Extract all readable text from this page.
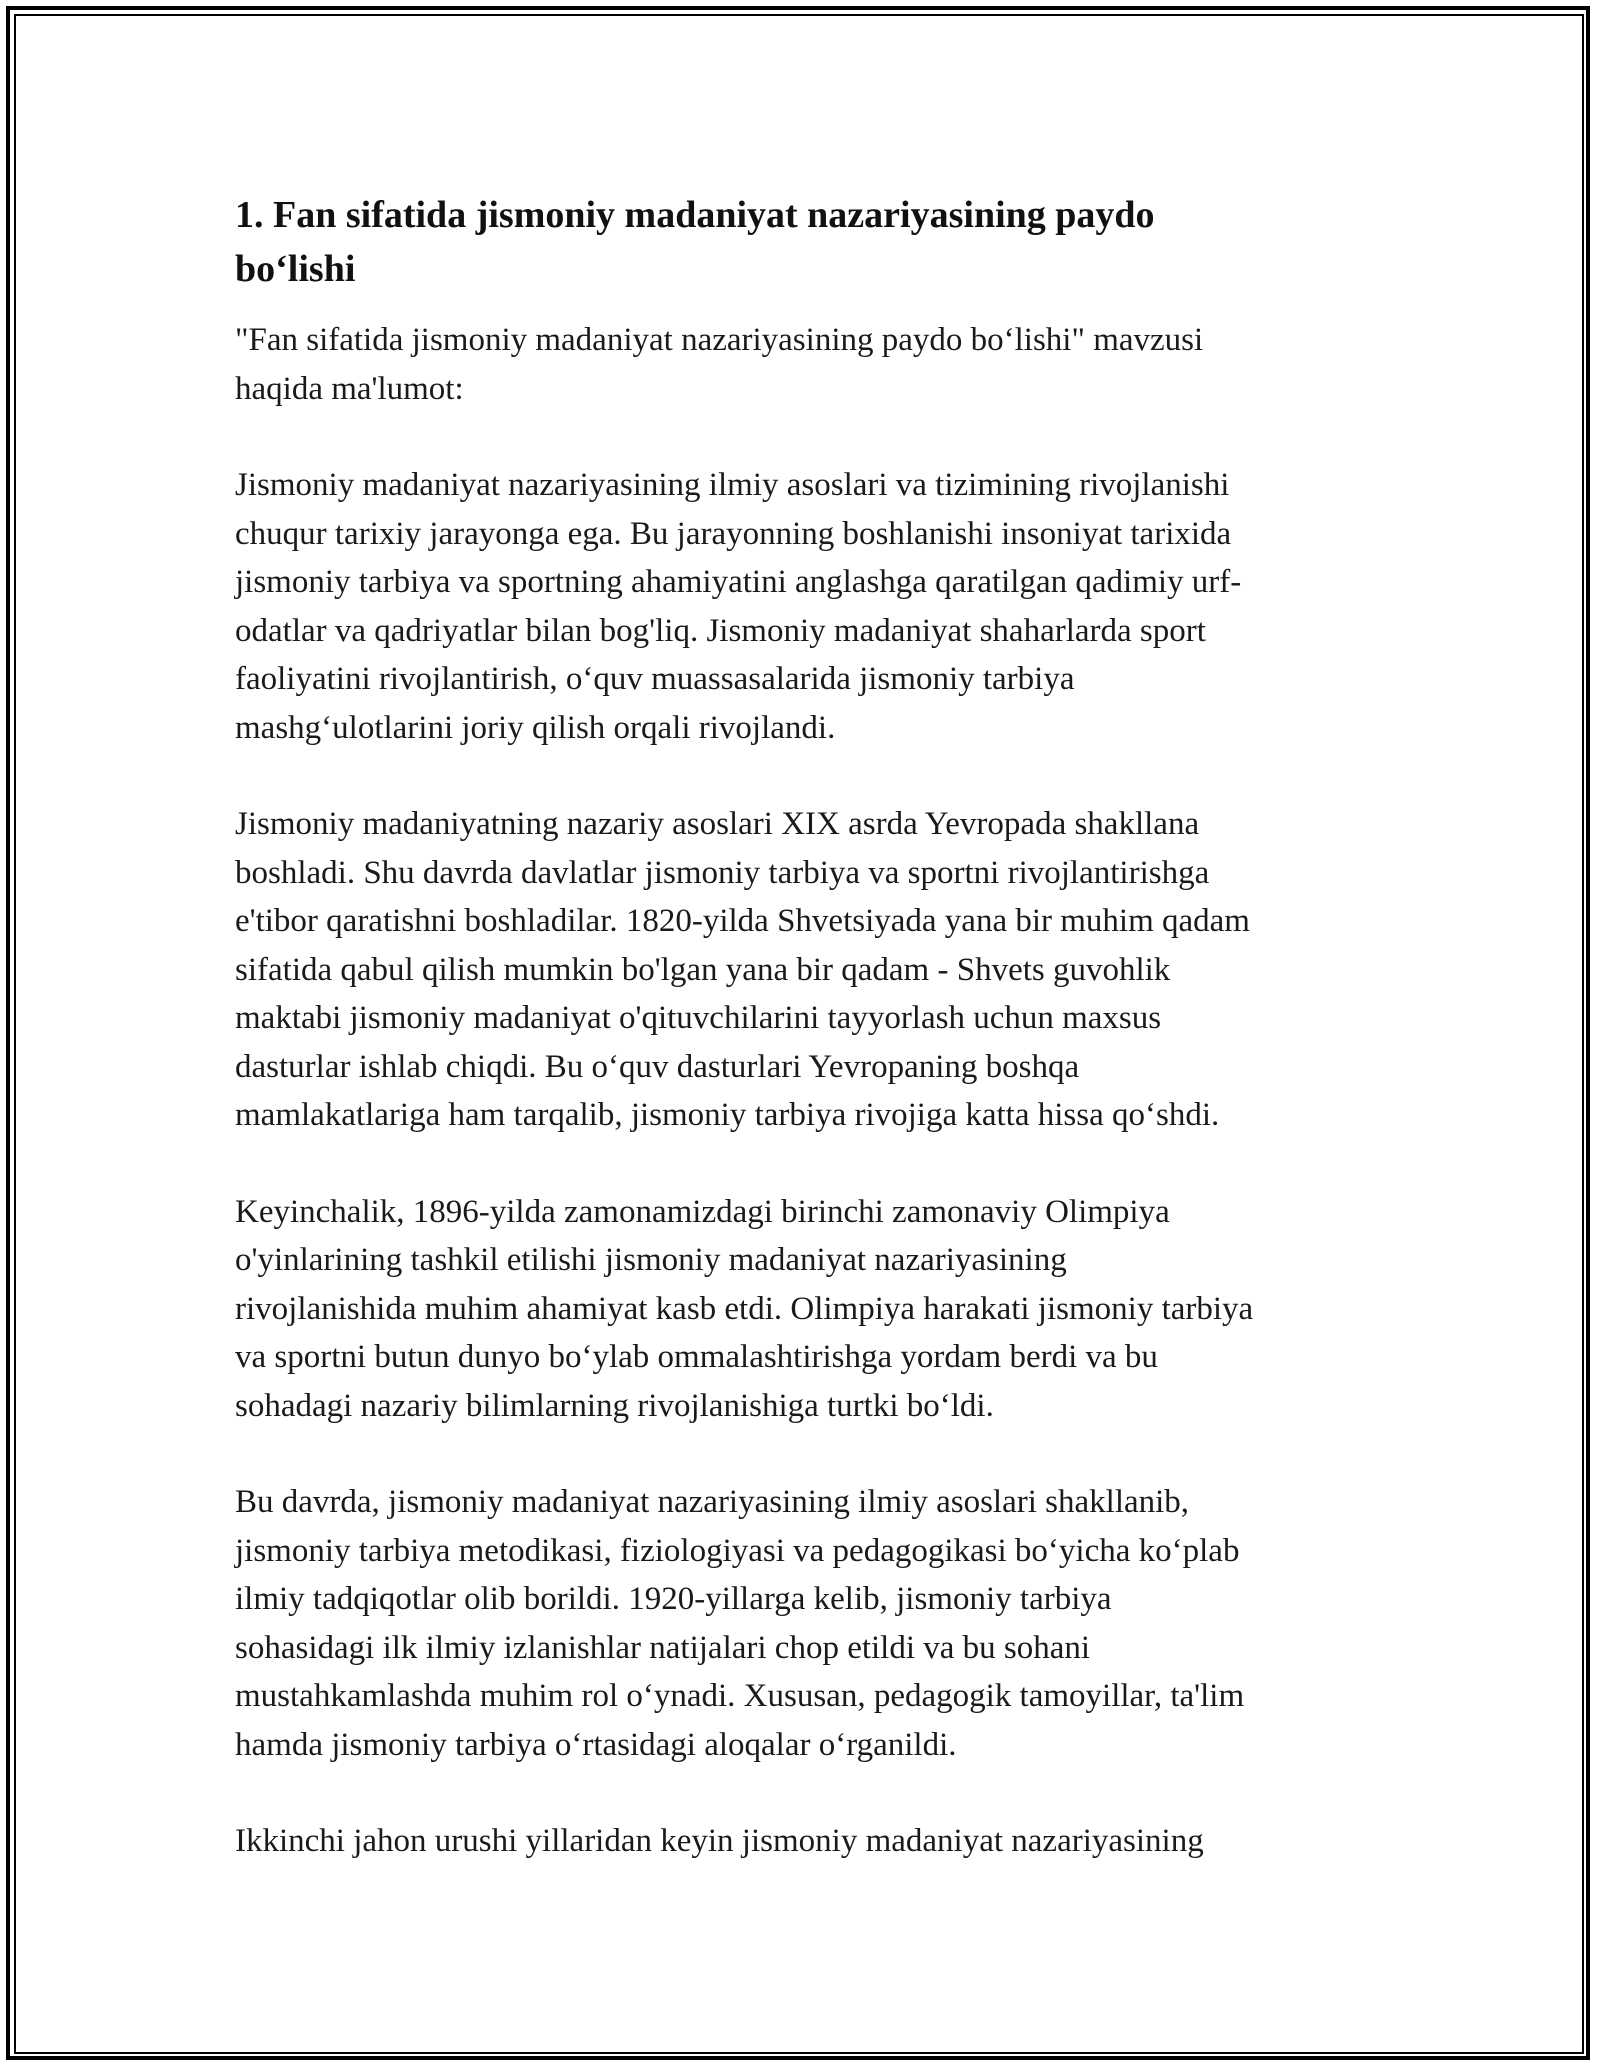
1. Fan sifatida jismoniy madaniyat nazariyasining paydo
bo‘lishi

"Fan sifatida jismoniy madaniyat nazariyasining paydo bo‘lishi" mavzusi
haqida ma'lumot:

Jismoniy madaniyat nazariyasining ilmiy asoslari va tizimining rivojlanishi
chuqur tarixiy jarayonga ega. Bu jarayonning boshlanishi insoniyat tarixida
jismoniy tarbiya va sportning ahamiyatini anglashga qaratilgan qadimiy urf-
odatlar va qadriyatlar bilan bog'liq. Jismoniy madaniyat shaharlarda sport
faoliyatini rivojlantirish, o‘quv muassasalarida jismoniy tarbiya
mashg‘ulotlarini joriy qilish orqali rivojlandi.

Jismoniy madaniyatning nazariy asoslari XIX asrda Yevropada shakllana
boshladi. Shu davrda davlatlar jismoniy tarbiya va sportni rivojlantirishga
e'tibor qaratishni boshladilar. 1820-yilda Shvetsiyada yana bir muhim qadam
sifatida qabul qilish mumkin bo'lgan yana bir qadam - Shvets guvohlik
maktabi jismoniy madaniyat o'qituvchilarini tayyorlash uchun maxsus
dasturlar ishlab chiqdi. Bu o‘quv dasturlari Yevropaning boshqa
mamlakatlariga ham tarqalib, jismoniy tarbiya rivojiga katta hissa qo‘shdi.

Keyinchalik, 1896-yilda zamonamizdagi birinchi zamonaviy Olimpiya
o'yinlarining tashkil etilishi jismoniy madaniyat nazariyasining
rivojlanishida muhim ahamiyat kasb etdi. Olimpiya harakati jismoniy tarbiya
va sportni butun dunyo bo‘ylab ommalashtirishga yordam berdi va bu
sohadagi nazariy bilimlarning rivojlanishiga turtki bo‘ldi.

Bu davrda, jismoniy madaniyat nazariyasining ilmiy asoslari shakllanib,
jismoniy tarbiya metodikasi, fiziologiyasi va pedagogikasi bo‘yicha ko‘plab
ilmiy tadqiqotlar olib borildi. 1920-yillarga kelib, jismoniy tarbiya
sohasidagi ilk ilmiy izlanishlar natijalari chop etildi va bu sohani
mustahkamlashda muhim rol o‘ynadi. Xususan, pedagogik tamoyillar, ta'lim
hamda jismoniy tarbiya o‘rtasidagi aloqalar o‘rganildi.

Ikkinchi jahon urushi yillaridan keyin jismoniy madaniyat nazariyasining
